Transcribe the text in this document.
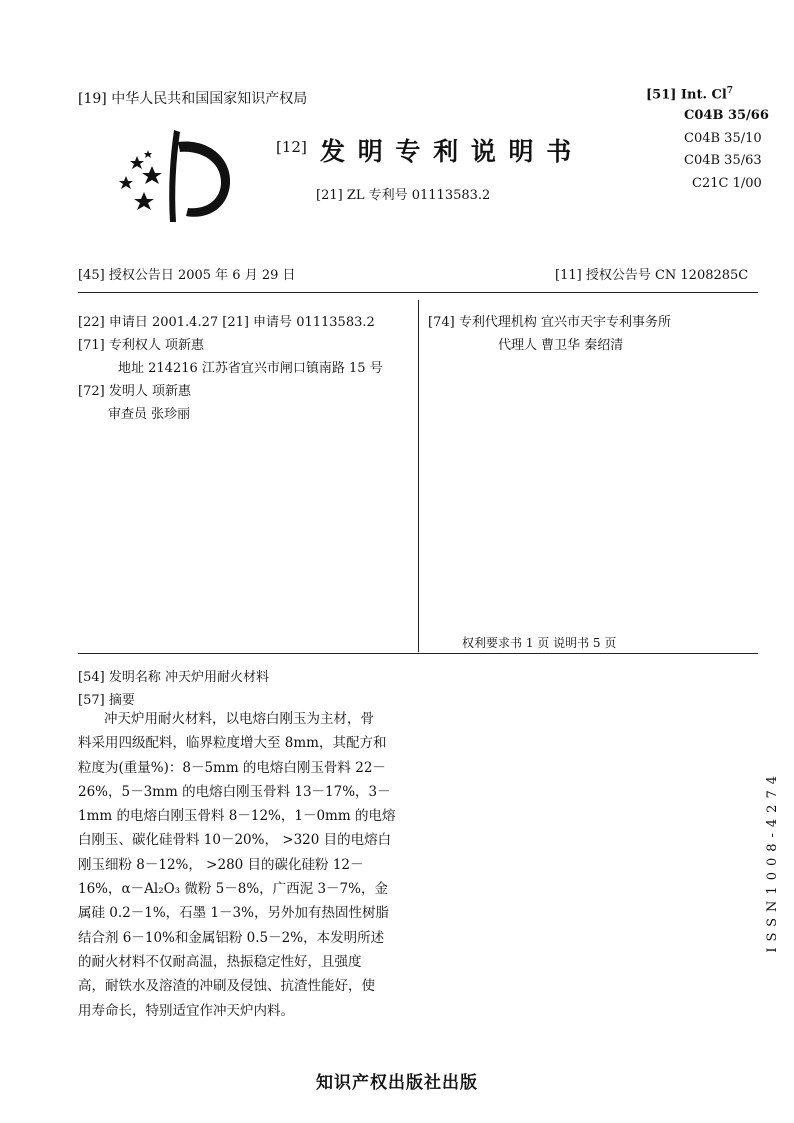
[19] 中华人民共和国国家知识产权局
[12] 发 明 专 利 说 明 书
[21] ZL 专利号 01113583.2
[51] Int. Cl$^7$
C04B 35/66
C04B 35/10
C04B 35/63
C21C 1/00
[45] 授权公告日 2005 年 6 月 29 日	[11] 授权公告号 CN 1208285C
[22] 申请日 2001.4.27 [21] 申请号 01113583.2
[71] 专利权人 项新惠
地址 214216 江苏省宜兴市闸口镇南路 15 号
[72] 发明人 项新惠
审查员 张珍丽
[74] 专利代理机构 宜兴市天宇专利事务所
代理人 曹卫华 秦绍清
权利要求书 1 页 说明书 5 页
[54] 发明名称 冲天炉用耐火材料
[57] 摘要

冲天炉用耐火材料，以电熔白刚玉为主材，骨

料采用四级配料，临界粒度增大至 8mm，其配方和

粒度为(重量%)：8－5mm 的电熔白刚玉骨料 22－

26%，5－3mm 的电熔白刚玉骨料 13－17%，3－

1mm 的电熔白刚玉骨料 8－12%，1－0mm 的电熔

白刚玉、碳化硅骨料 10－20%， >320 目的电熔白

刚玉细粉 8－12%， >280 目的碳化硅粉 12－

16%，α－Al₂O₃ 微粉 5－8%，广西泥 3－7%，金

属硅 0.2－1%，石墨 1－3%，另外加有热固性树脂

结合剂 6－10%和金属铝粉 0.5－2%，本发明所述

的耐火材料不仅耐高温，热振稳定性好，且强度

高，耐铁水及溶渣的冲刷及侵蚀、抗渣性能好，使

用寿命长，特别适宜作冲天炉内料。

ISSN1008-4274
知识产权出版社出版
